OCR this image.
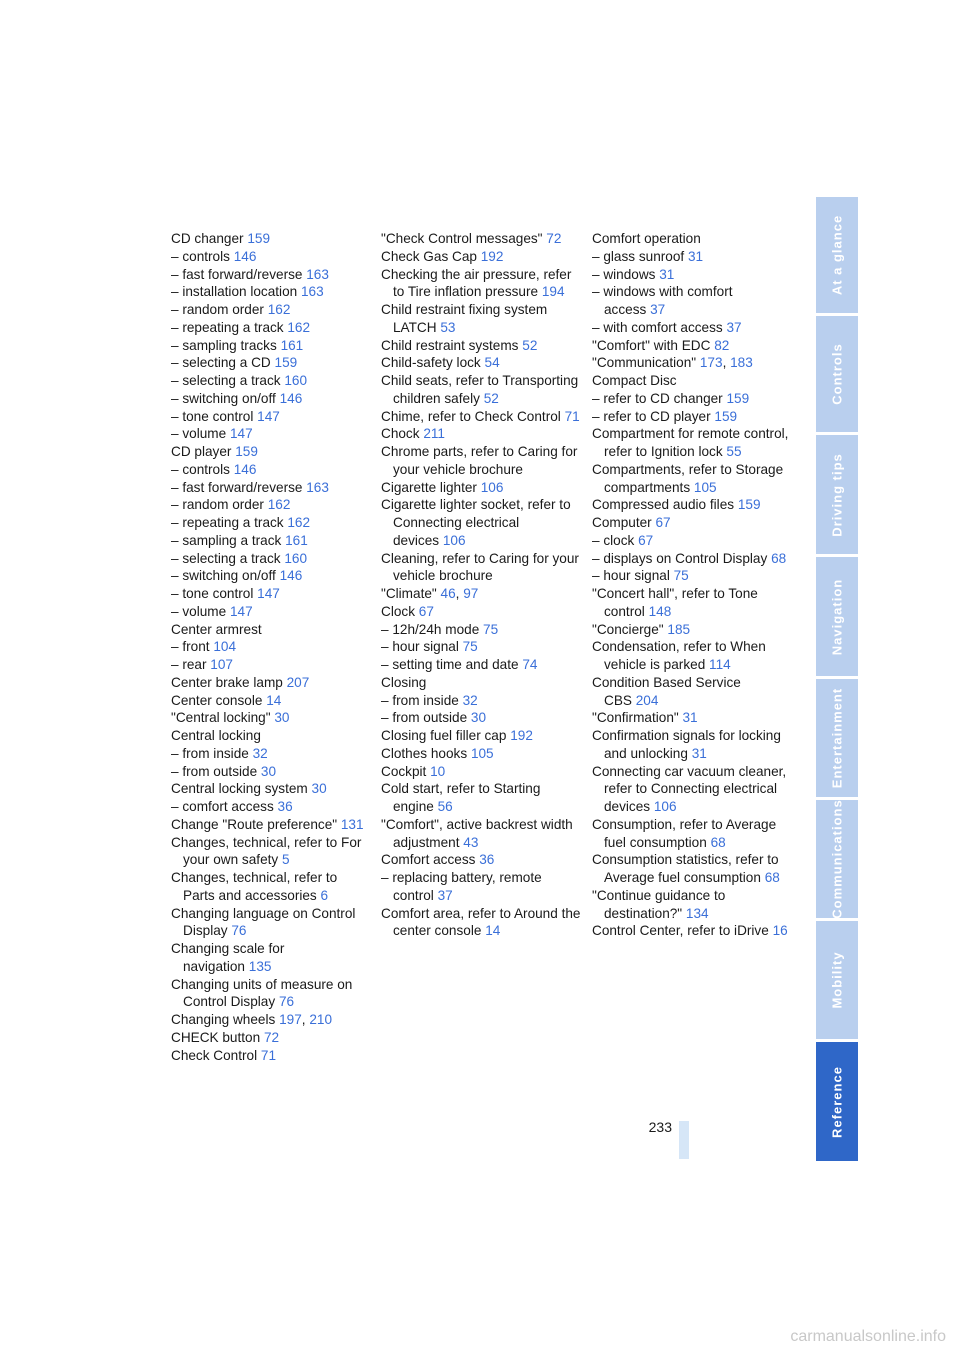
CD changer 159
– controls 146
– fast forward/reverse 163
– installation location 163
– random order 162
– repeating a track 162
– sampling tracks 161
– selecting a CD 159
– selecting a track 160
– switching on/off 146
– tone control 147
– volume 147
CD player 159
– controls 146
– fast forward/reverse 163
– random order 162
– repeating a track 162
– sampling a track 161
– selecting a track 160
– switching on/off 146
– tone control 147
– volume 147
Center armrest
– front 104
– rear 107
Center brake lamp 207
Center console 14
"Central locking" 30
Central locking
– from inside 32
– from outside 30
Central locking system 30
– comfort access 36
Change "Route preference" 131
Changes, technical, refer to For your own safety 5
Changes, technical, refer to Parts and accessories 6
Changing language on Control Display 76
Changing scale for navigation 135
Changing units of measure on Control Display 76
Changing wheels 197, 210
CHECK button 72
Check Control 71
"Check Control messages" 72
Check Gas Cap 192
Checking the air pressure, refer to Tire inflation pressure 194
Child restraint fixing system LATCH 53
Child restraint systems 52
Child-safety lock 54
Child seats, refer to Transporting children safely 52
Chime, refer to Check Control 71
Chock 211
Chrome parts, refer to Caring for your vehicle brochure
Cigarette lighter 106
Cigarette lighter socket, refer to Connecting electrical devices 106
Cleaning, refer to Caring for your vehicle brochure
"Climate" 46, 97
Clock 67
– 12h/24h mode 75
– hour signal 75
– setting time and date 74
Closing
– from inside 32
– from outside 30
Closing fuel filler cap 192
Clothes hooks 105
Cockpit 10
Cold start, refer to Starting engine 56
"Comfort", active backrest width adjustment 43
Comfort access 36
– replacing battery, remote control 37
Comfort area, refer to Around the center console 14
Comfort operation
– glass sunroof 31
– windows 31
– windows with comfort access 37
– with comfort access 37
"Comfort" with EDC 82
"Communication" 173, 183
Compact Disc
– refer to CD changer 159
– refer to CD player 159
Compartment for remote control, refer to Ignition lock 55
Compartments, refer to Storage compartments 105
Compressed audio files 159
Computer 67
– clock 67
– displays on Control Display 68
– hour signal 75
"Concert hall", refer to Tone control 148
"Concierge" 185
Condensation, refer to When vehicle is parked 114
Condition Based Service CBS 204
"Confirmation" 31
Confirmation signals for locking and unlocking 31
Connecting car vacuum cleaner, refer to Connecting electrical devices 106
Consumption, refer to Average fuel consumption 68
Consumption statistics, refer to Average fuel consumption 68
"Continue guidance to destination?" 134
Control Center, refer to iDrive 16
233
At a glance
Controls
Driving tips
Navigation
Entertainment
Communications
Mobility
Reference
carmanualsonline.info
